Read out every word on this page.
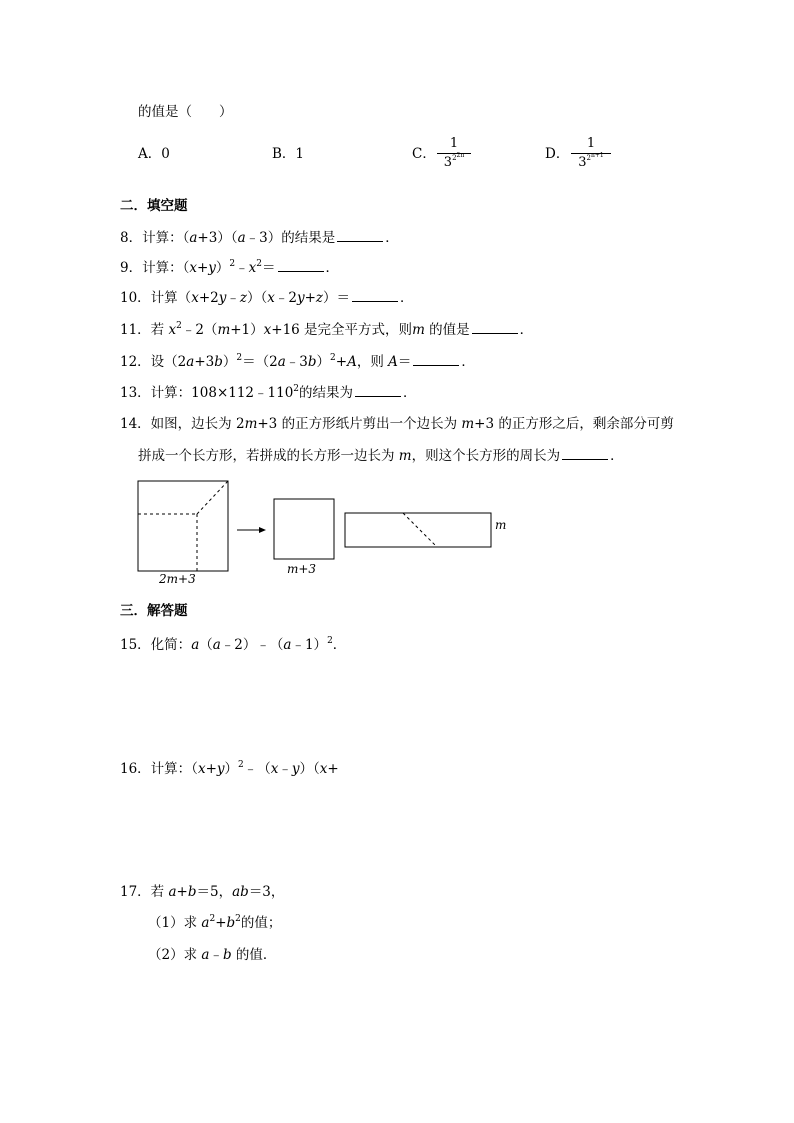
的值是（　　）
A．0	B．1	C．
1
$3^{22n}$	D．
1
$3^{2n+1}$
二．填空题
8．计算：（a+3）（a﹣3）的结果是	．
9．计算：$(x+y)^2﹣x^2=$	．
10．计算（x+2y﹣z）（x﹣2y+z）＝	．
11．若 $x^2﹣2(m+1)x+16$ 是完全平方式，则m 的值是	．
12．设$(2a+3b)^2=(2a﹣3b)^2+A$，则 A＝	．
13．计算：$108\times 112﹣110^2$的结果为	．
14．如图，边长为 2m+3 的正方形纸片剪出一个边长为 m+3 的正方形之后，剩余部分可剪
拼成一个长方形，若拼成的长方形一边长为 m，则这个长方形的周长为	．
2m+3
m+3
m
三．解答题
15．化简：a（a﹣2）﹣（a﹣1）$^2$．
16．计算：$(x+y)^2﹣(x﹣y)(x+$
17．若 a+b＝5，ab＝3，
（1）求 $a^2+b^2$的值；
（2）求 a﹣b 的值．
